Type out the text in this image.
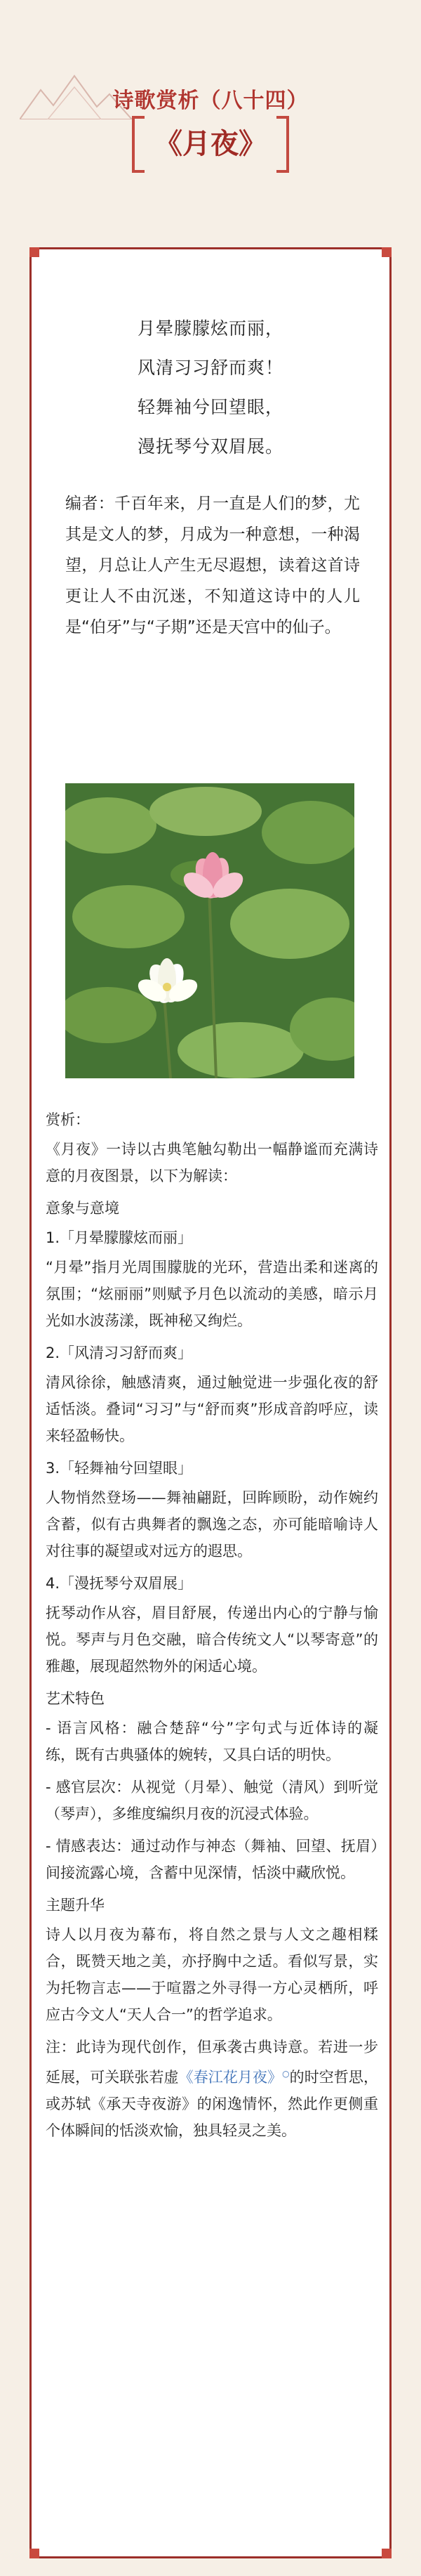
诗歌赏析（八十四）
《月夜》
月晕朦朦炫而丽，
风清习习舒而爽！
轻舞袖兮回望眼，
漫抚琴兮双眉展。
编者：千百年来，月一直是人们的梦，尤其是文人的梦，月成为一种意想，一种渴望，月总让人产生无尽遐想，读着这首诗更让人不由沉迷，不知道这诗中的人儿是“伯牙”与“子期”还是天宫中的仙子。

赏析：

《月夜》一诗以古典笔触勾勒出一幅静谧而充满诗意的月夜图景，以下为解读：

意象与意境

1.「月晕朦朦炫而丽」

“月晕”指月光周围朦胧的光环，营造出柔和迷离的氛围；“炫丽丽”则赋予月色以流动的美感，暗示月光如水波荡漾，既神秘又绚烂。

2.「风清习习舒而爽」

清风徐徐，触感清爽，通过触觉进一步强化夜的舒适恬淡。叠词“习习”与“舒而爽”形成音韵呼应，读来轻盈畅快。

3.「轻舞袖兮回望眼」

人物悄然登场——舞袖翩跹，回眸顾盼，动作婉约含蓄，似有古典舞者的飘逸之态，亦可能暗喻诗人对往事的凝望或对远方的遐思。

4.「漫抚琴兮双眉展」

抚琴动作从容，眉目舒展，传递出内心的宁静与愉悦。琴声与月色交融，暗合传统文人“以琴寄意”的雅趣，展现超然物外的闲适心境。

艺术特色

- 语言风格：融合楚辞“兮”字句式与近体诗的凝练，既有古典骚体的婉转，又具白话的明快。

- 感官层次：从视觉（月晕）、触觉（清风）到听觉（琴声），多维度编织月夜的沉浸式体验。

- 情感表达：通过动作与神态（舞袖、回望、抚眉）间接流露心境，含蓄中见深情，恬淡中藏欣悦。

主题升华

诗人以月夜为幕布，将自然之景与人文之趣相糅合，既赞天地之美，亦抒胸中之适。看似写景，实为托物言志——于喧嚣之外寻得一方心灵栖所，呼应古今文人“天人合一”的哲学追求。

注：此诗为现代创作，但承袭古典诗意。若进一步延展，可关联张若虚《春江花月夜》○的时空哲思，或苏轼《承天寺夜游》的闲逸情怀，然此作更侧重个体瞬间的恬淡欢愉，独具轻灵之美。
